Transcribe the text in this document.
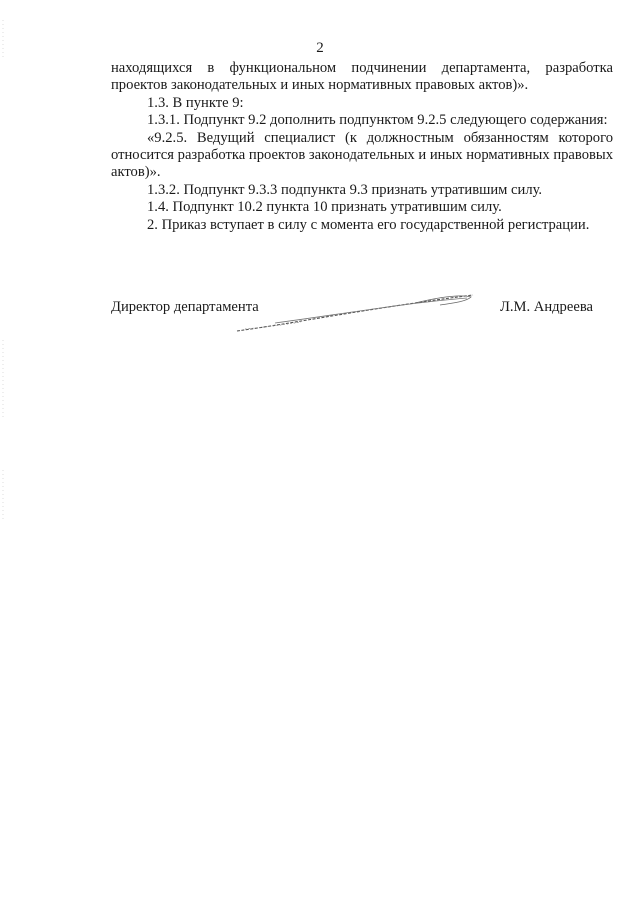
2

находящихся в функциональном подчинении департамента, разработка проектов законодательных и иных нормативных правовых актов)».

1.3. В пункте 9:

1.3.1. Подпункт 9.2 дополнить подпунктом 9.2.5 следующего содержания:

«9.2.5. Ведущий специалист (к должностным обязанностям которого относится разработка проектов законодательных и иных нормативных правовых актов)».

1.3.2. Подпункт 9.3.3 подпункта 9.3 признать утратившим силу.

1.4. Подпункт 10.2 пункта 10 признать утратившим силу.

2. Приказ вступает в силу с момента его государственной регистрации.

Директор департамента	Л.М. Андреева
